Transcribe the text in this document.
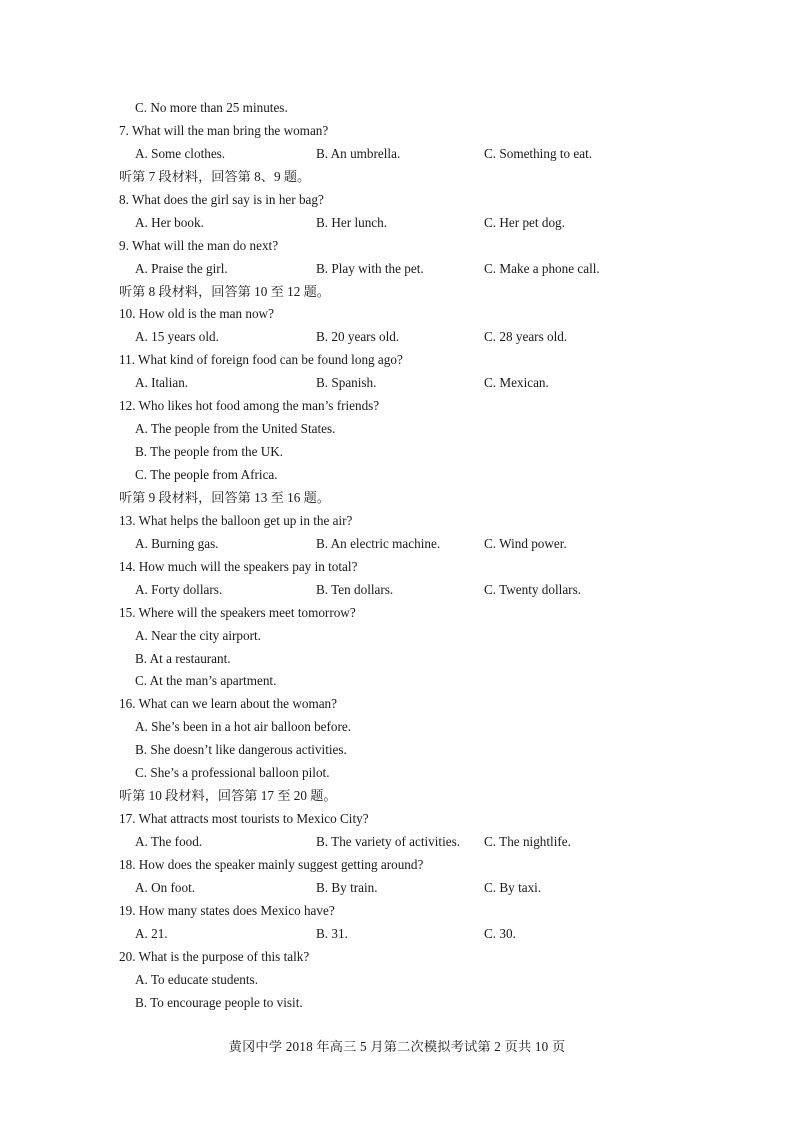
C. No more than 25 minutes.
7. What will the man bring the woman?
A. Some clothes.	B. An umbrella.	C. Something to eat.
听第 7 段材料，回答第 8、9 题。
8. What does the girl say is in her bag?
A. Her book.	B. Her lunch.	C. Her pet dog.
9. What will the man do next?
A. Praise the girl.	B. Play with the pet.	C. Make a phone call.
听第 8 段材料，回答第 10 至 12 题。
10. How old is the man now?
A. 15 years old.	B. 20 years old.	C. 28 years old.
11. What kind of foreign food can be found long ago?
A. Italian.	B. Spanish.	C. Mexican.
12. Who likes hot food among the man’s friends?
A. The people from the United States.
B. The people from the UK.
C. The people from Africa.
听第 9 段材料，回答第 13 至 16 题。
13. What helps the balloon get up in the air?
A. Burning gas.	B. An electric machine.	C. Wind power.
14. How much will the speakers pay in total?
A. Forty dollars.	B. Ten dollars.	C. Twenty dollars.
15. Where will the speakers meet tomorrow?
A. Near the city airport.
B. At a restaurant.
C. At the man’s apartment.
16. What can we learn about the woman?
A. She’s been in a hot air balloon before.
B. She doesn’t like dangerous activities.
C. She’s a professional balloon pilot.
听第 10 段材料，回答第 17 至 20 题。
17. What attracts most tourists to Mexico City?
A. The food.	B. The variety of activities. C. The nightlife.
18. How does the speaker mainly suggest getting around?
A. On foot.	B. By train.	C. By taxi.
19. How many states does Mexico have?
A. 21.	B. 31.	C. 30.
20. What is the purpose of this talk?
A. To educate students.
B. To encourage people to visit.
黄冈中学 2018 年高三 5 月第二次模拟考试第 2 页共 10 页
